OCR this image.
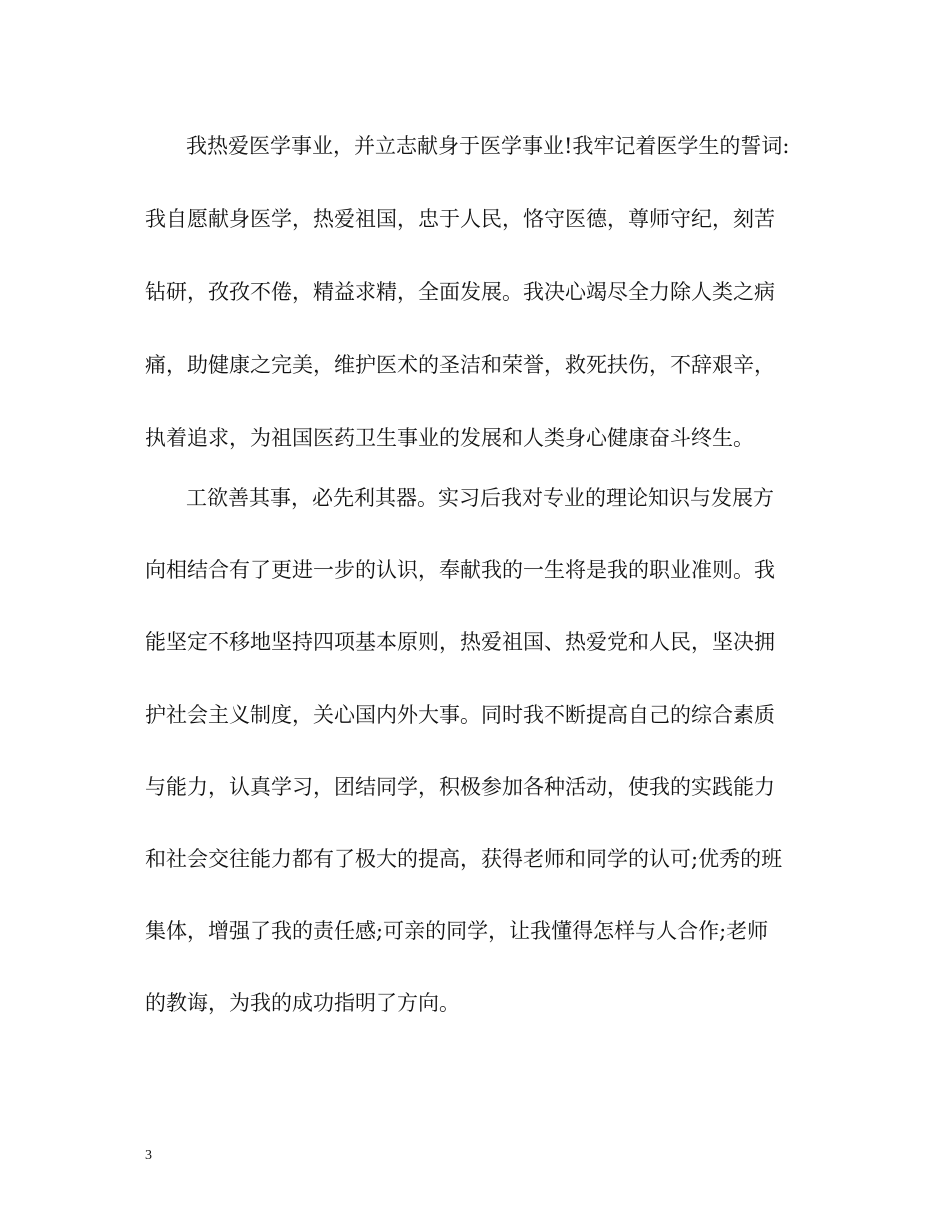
我热爱医学事业，并立志献身于医学事业!我牢记着医学生的誓词:
我自愿献身医学，热爱祖国，忠于人民，恪守医德，尊师守纪，刻苦
钻研，孜孜不倦，精益求精，全面发展。我决心竭尽全力除人类之病
痛，助健康之完美，维护医术的圣洁和荣誉，救死扶伤，不辞艰辛，
执着追求，为祖国医药卫生事业的发展和人类身心健康奋斗终生。
工欲善其事，必先利其器。实习后我对专业的理论知识与发展方
向相结合有了更进一步的认识，奉献我的一生将是我的职业准则。我
能坚定不移地坚持四项基本原则，热爱祖国、热爱党和人民，坚决拥
护社会主义制度，关心国内外大事。同时我不断提高自己的综合素质
与能力，认真学习，团结同学，积极参加各种活动，使我的实践能力
和社会交往能力都有了极大的提高，获得老师和同学的认可;优秀的班
集体，增强了我的责任感;可亲的同学，让我懂得怎样与人合作;老师
的教诲，为我的成功指明了方向。
3
